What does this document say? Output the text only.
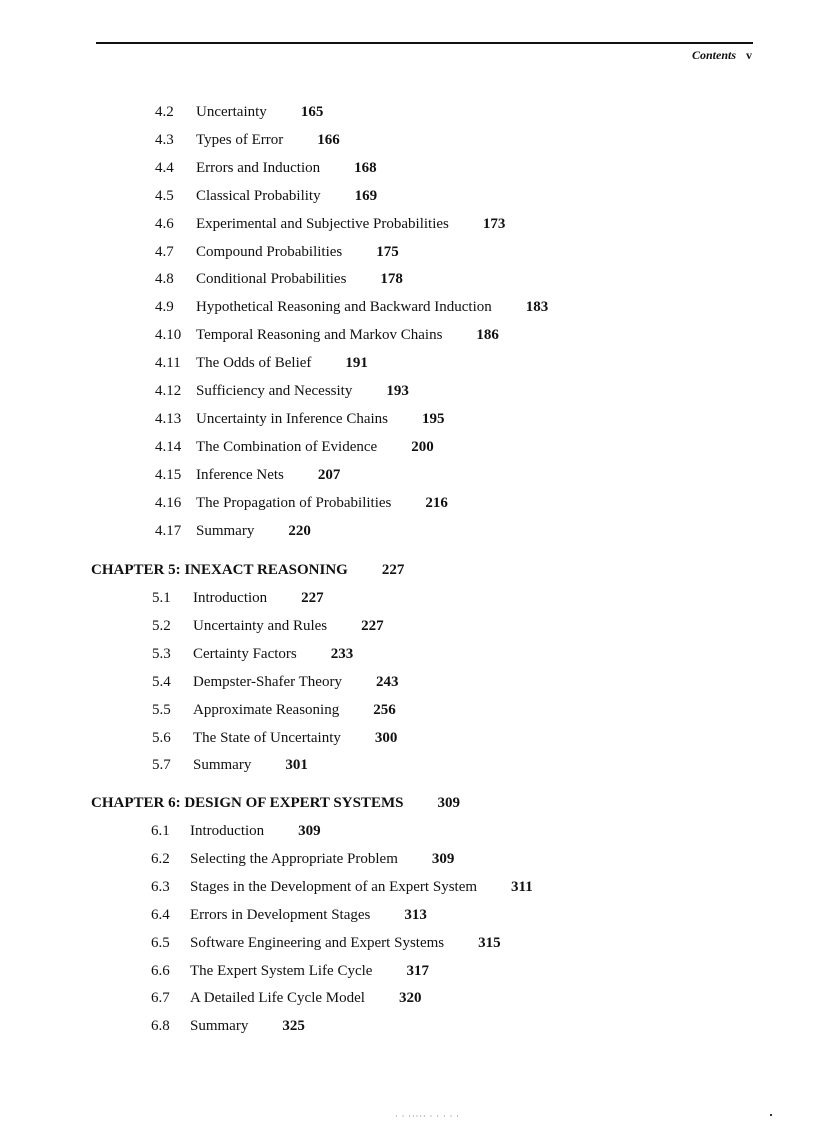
Contents v
4.2 Uncertainty 165
4.3 Types of Error 166
4.4 Errors and Induction 168
4.5 Classical Probability 169
4.6 Experimental and Subjective Probabilities 173
4.7 Compound Probabilities 175
4.8 Conditional Probabilities 178
4.9 Hypothetical Reasoning and Backward Induction 183
4.10 Temporal Reasoning and Markov Chains 186
4.11 The Odds of Belief 191
4.12 Sufficiency and Necessity 193
4.13 Uncertainty in Inference Chains 195
4.14 The Combination of Evidence 200
4.15 Inference Nets 207
4.16 The Propagation of Probabilities 216
4.17 Summary 220
CHAPTER 5: INEXACT REASONING 227
5.1 Introduction 227
5.2 Uncertainty and Rules 227
5.3 Certainty Factors 233
5.4 Dempster-Shafer Theory 243
5.5 Approximate Reasoning 256
5.6 The State of Uncertainty 300
5.7 Summary 301
CHAPTER 6: DESIGN OF EXPERT SYSTEMS 309
6.1 Introduction 309
6.2 Selecting the Appropriate Problem 309
6.3 Stages in the Development of an Expert System 311
6.4 Errors in Development Stages 313
6.5 Software Engineering and Expert Systems 315
6.6 The Expert System Life Cycle 317
6.7 A Detailed Life Cycle Model 320
6.8 Summary 325
· · ····· · · · · ·
